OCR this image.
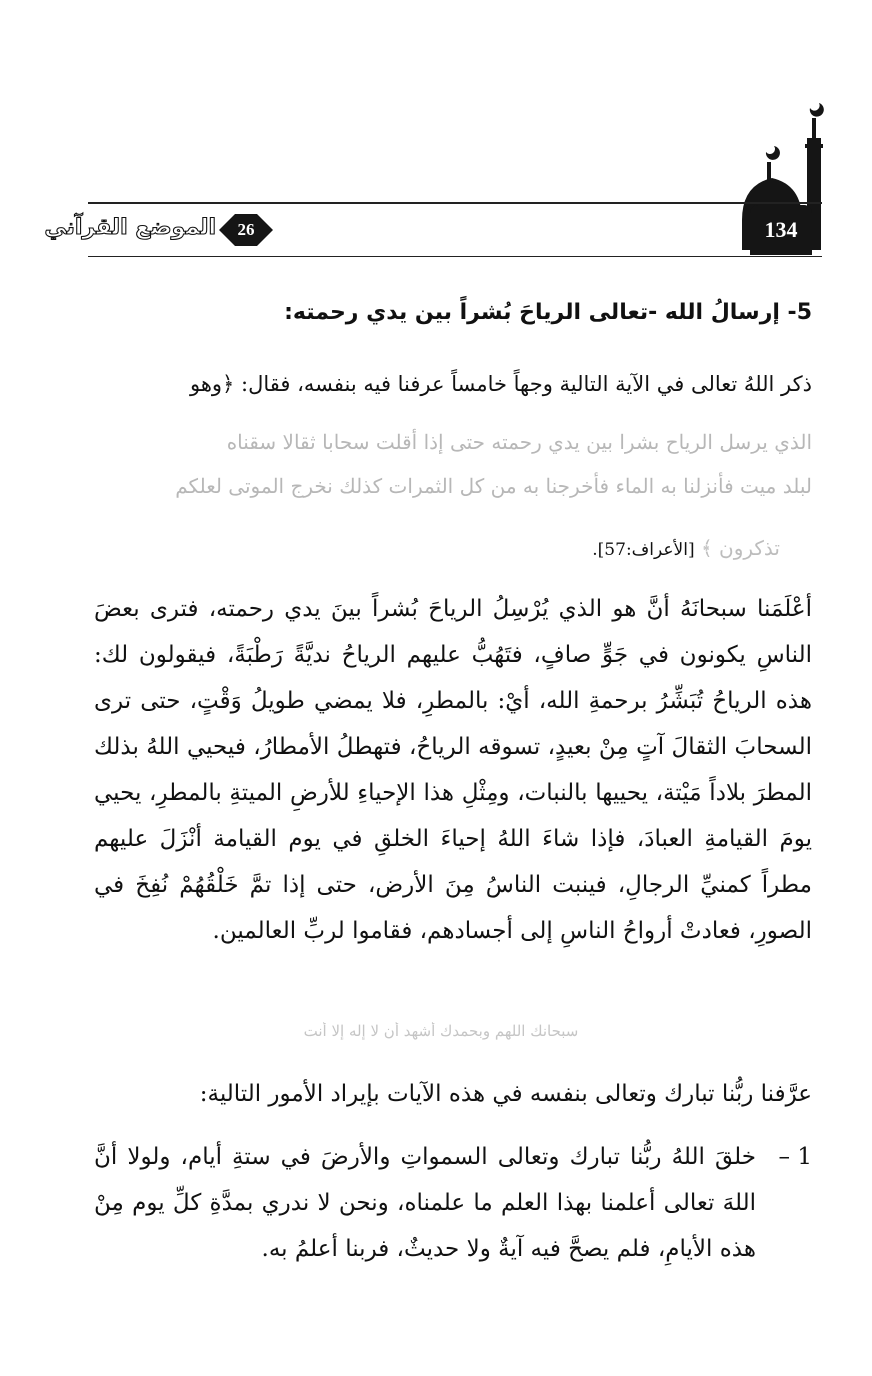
134
26
الموضع القرآني
5- إرسالُ الله -تعالى الرياحَ بُشراً بين يدي رحمته:
ذكر اللهُ تعالى في الآية التالية وجهاً خامساً عرفنا فيه بنفسه، فقال: ﴿وهو
الذي يرسل الرياح بشرا بين يدي رحمته حتى إذا أقلت سحابا ثقالا سقناه
لبلد ميت فأنزلنا به الماء فأخرجنا به من كل الثمرات كذلك نخرج الموتى لعلكم
تذكرون ﴾ [الأعراف:57].
أعْلَمَنا سبحانَهُ أنَّ هو الذي يُرْسِلُ الرياحَ بُشراً بينَ يدي رحمته، فترى بعضَ الناسِ يكونون في جَوٍّ صافٍ، فتَهُبُّ عليهم الرياحُ نديَّةً رَطْبَةً، فيقولون لك: هذه الرياحُ تُبَشِّرُ برحمةِ الله، أيْ: بالمطرِ، فلا يمضي طويلُ وَقْتٍ، حتى ترى السحابَ الثقالَ آتٍ مِنْ بعيدٍ، تسوقه الرياحُ، فتهطلُ الأمطارُ، فيحيي اللهُ بذلك المطرَ بلاداً مَيْتة، يحييها بالنبات، ومِثْلِ هذا الإحياءِ للأرضِ الميتةِ بالمطرِ، يحيي يومَ القيامةِ العبادَ، فإذا شاءَ اللهُ إحياءَ الخلقِ في يوم القيامة أنْزَلَ عليهم مطراً كمنيِّ الرجالِ، فينبت الناسُ مِنَ الأرض، حتى إذا تمَّ خَلْقُهُمْ نُفِخَ في الصورِ، فعادتْ أرواحُ الناسِ إلى أجسادهم، فقاموا لربِّ العالمين.
سبحانك اللهم وبحمدك أشهد أن لا إله إلا أنت
عرَّفنا ربُّنا تبارك وتعالى بنفسه في هذه الآيات بإيراد الأمور التالية:
1 –
خلقَ اللهُ ربُّنا تبارك وتعالى السمواتِ والأرضَ في ستةِ أيام، ولولا أنَّ اللهَ تعالى أعلمنا بهذا العلم ما علمناه، ونحن لا ندري بمدَّةِ كلِّ يوم مِنْ هذه الأيامِ، فلم يصحَّ فيه آيةٌ ولا حديثٌ، فربنا أعلمُ به.
